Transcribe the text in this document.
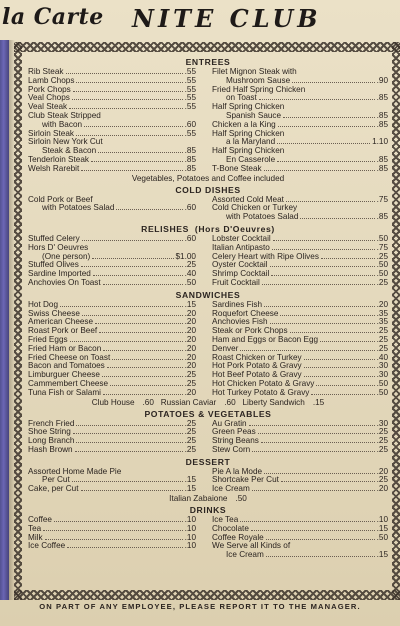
la Carte NITE CLUB
ENTREES
Rib Steak	.55
Lamb Chops	.55
Pork Chops	.55
Veal Chops	.55
Veal Steak	.55
Club Steak Stripped
with Bacon	.60
Sirloin Steak	.55
Sirloin New York Cut
Steak & Bacon	.85
Tenderloin Steak	.85
Welsh Rarebit	.85
Filet Mignon Steak with
Mushroom Sause	.90
Fried Half Spring Chicken
on Toast	.85
Half Spring Chicken
Spanish Sauce	.85
Chicken a la King	.85
Half Spring Chicken
a la Maryland	1.10
Half Spring Chicken
En Casserole	.85
T-Bone Steak	.85
Vegetables, Potatoes and Coffee included
COLD DISHES
Cold Pork or Beef
with Potatoes Salad	.60
Assorted Cold Meat	.75
Cold Chicken or Turkey
with Potatoes Salad	.85
RELISHES (Hors D'Oeuvres)
Stuffed Celery	.60
Hors D' Oeuvres
(One person)	$1.00
Stuffed Olives	.25
Sardine Imported	.40
Anchovies On Toast	.50
Lobster Cocktail	.50
Italian Antipasto	.75
Celery Heart with Ripe Olives	.25
Oyster Cocktail	.50
Shrimp Cocktail	.50
Fruit Cocktail	.25
SANDWICHES
Hot Dog	.15
Swiss Cheese	.20
American Cheese	.20
Roast Pork or Beef	.20
Fried Eggs	.20
Fried Ham or Bacon	.20
Fried Cheese on Toast	.20
Bacon and Tomatoes	.20
Limburguer Cheese	.25
Cammembert Cheese	.25
Tuna Fish or Salami	.20
Sardines Fish	.20
Roquefort Cheese	.35
Anchovies Fish	.35
Steak or Pork Chops	.25
Ham and Eggs or Bacon Egg	.25
Denver	.25
Roast Chicken or Turkey	.40
Hot Pork Potato & Gravy	.30
Hot Beef Potato & Gravy	.30
Hot Chicken Potato & Gravy	.50
Hot Turkey Potato & Gravy	.50
Club House .60 Russian Caviar .60 Liberty Sandwich .15
POTATOES & VEGETABLES
French Fried	.25
Shoe String	.25
Long Branch	.25
Hash Brown	.25
Au Gratin	.30
Green Peas	.25
String Beans	.25
Stew Corn	.25
DESSERT
Assorted Home Made Pie
Per Cut	.15
Cake, per Cut	.15
Pie A la Mode	.20
Shortcake Per Cut	.25
Ice Cream	.20
Italian Zabaione .50
DRINKS
Coffee	.10
Tea	.10
Milk	.10
Ice Coffee	.10
Ice Tea	.10
Chocolate	.15
Coffee Royale	.50
We Serve all Kinds of
Ice Cream	.15
ON PART OF ANY EMPLOYEE, PLEASE REPORT IT TO THE MANAGER.
